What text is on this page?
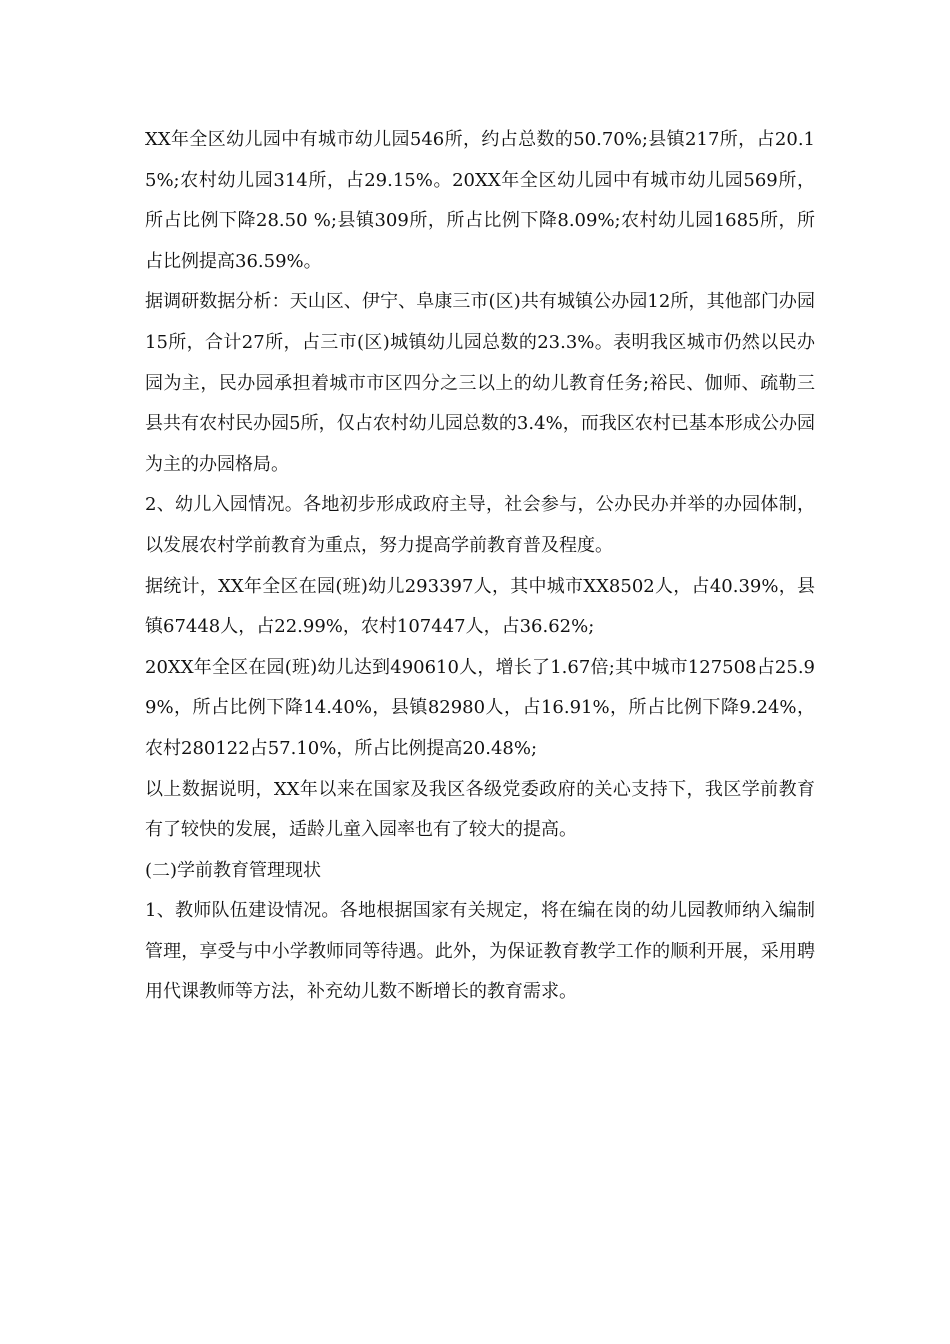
XX年全区幼儿园中有城市幼儿园546所，约占总数的50.70%;县镇217所，占20.15%;农村幼儿园314所，占29.15%。20XX年全区幼儿园中有城市幼儿园569所，所占比例下降28.50 %;县镇309所，所占比例下降8.09%;农村幼儿园1685所，所占比例提高36.59%。

据调研数据分析：天山区、伊宁、阜康三市(区)共有城镇公办园12所，其他部门办园15所，合计27所，占三市(区)城镇幼儿园总数的23.3%。表明我区城市仍然以民办园为主，民办园承担着城市市区四分之三以上的幼儿教育任务;裕民、伽师、疏勒三县共有农村民办园5所，仅占农村幼儿园总数的3.4%，而我区农村已基本形成公办园为主的办园格局。

2、幼儿入园情况。各地初步形成政府主导，社会参与，公办民办并举的办园体制，以发展农村学前教育为重点，努力提高学前教育普及程度。

据统计，XX年全区在园(班)幼儿293397人，其中城市XX8502人，占40.39%，县镇67448人，占22.99%，农村107447人，占36.62%;

20XX年全区在园(班)幼儿达到490610人，增长了1.67倍;其中城市127508占25.99%，所占比例下降14.40%，县镇82980人，占16.91%，所占比例下降9.24%，农村280122占57.10%，所占比例提高20.48%;

以上数据说明，XX年以来在国家及我区各级党委政府的关心支持下，我区学前教育有了较快的发展，适龄儿童入园率也有了较大的提高。

(二)学前教育管理现状

1、教师队伍建设情况。各地根据国家有关规定，将在编在岗的幼儿园教师纳入编制管理，享受与中小学教师同等待遇。此外，为保证教育教学工作的顺利开展，采用聘用代课教师等方法，补充幼儿数不断增长的教育需求。
